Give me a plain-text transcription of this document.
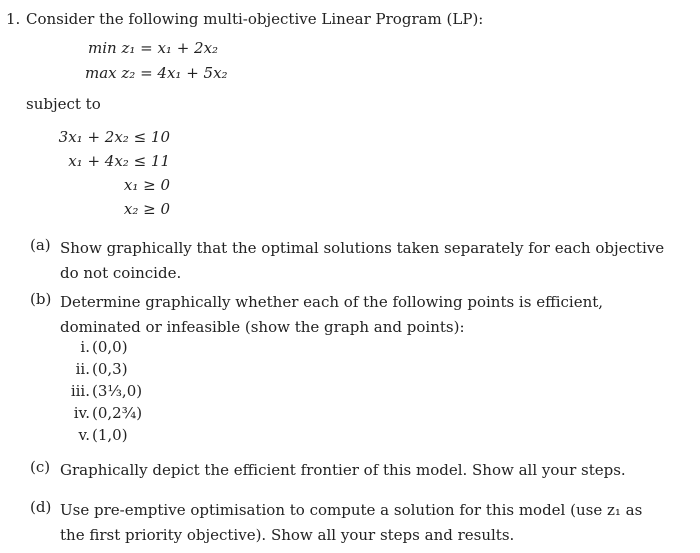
1. Consider the following multi-objective Linear Program (LP):
min z₁ = x₁ + 2x₂
max z₂ = 4x₁ + 5x₂
subject to
3x₁ + 2x₂ ≤ 10
x₁ + 4x₂ ≤ 11
x₁ ≥ 0
x₂ ≥ 0
(a) Show graphically that the optimal solutions taken separately for each objective do not coincide.
(b) Determine graphically whether each of the following points is efficient, dominated or infeasible (show the graph and points):
i. (0,0)
ii. (0,3)
iii. (3⅓,0)
iv. (0,2¾)
v. (1,0)
(c) Graphically depict the efficient frontier of this model. Show all your steps.
(d) Use pre-emptive optimisation to compute a solution for this model (use z₁ as the first priority objective). Show all your steps and results.
